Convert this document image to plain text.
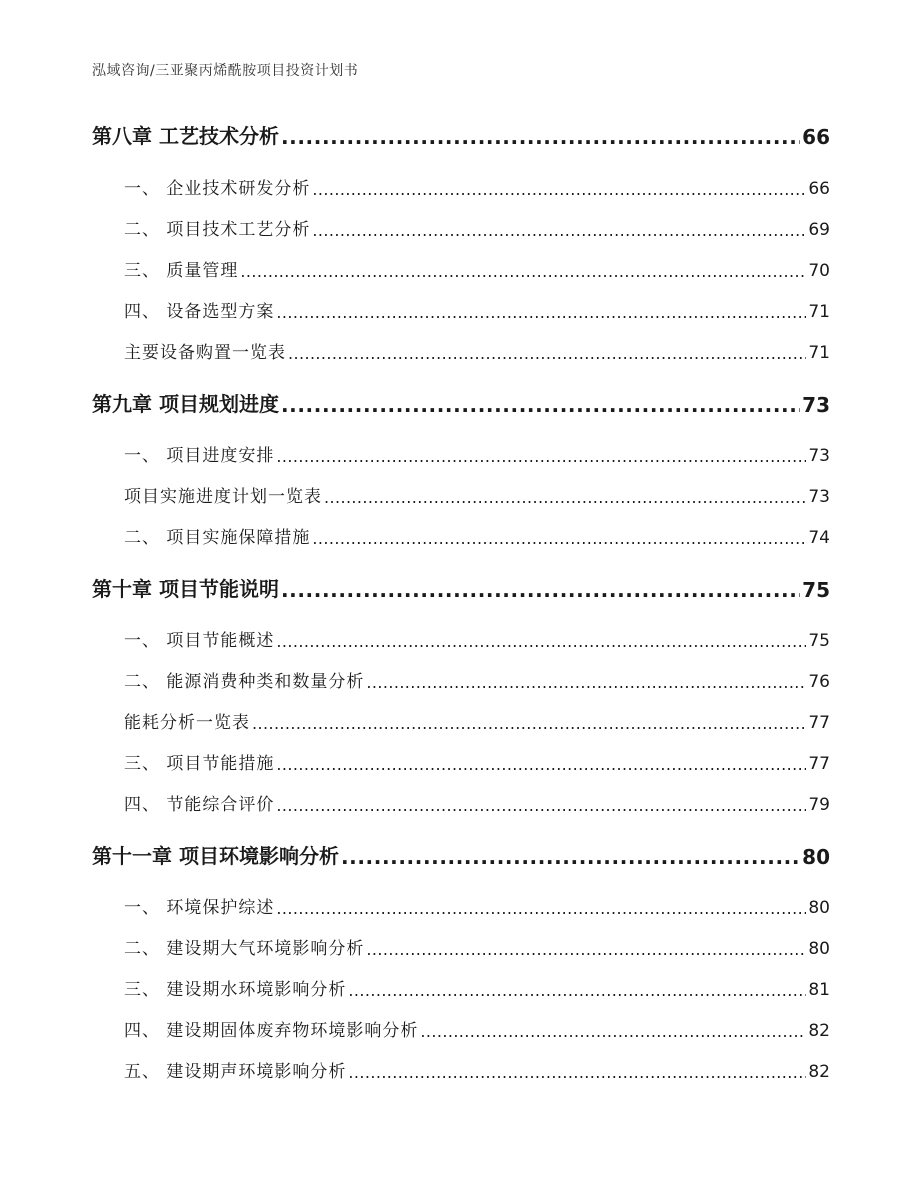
泓域咨询/三亚聚丙烯酰胺项目投资计划书
第八章 工艺技术分析 .....	66
一、 企业技术研发分析 .....	66
二、 项目技术工艺分析 .....	69
三、 质量管理 .....	70
四、 设备选型方案 .....	71
主要设备购置一览表 .....	71
第九章 项目规划进度 .....	73
一、 项目进度安排 .....	73
项目实施进度计划一览表 .....	73
二、 项目实施保障措施 .....	74
第十章 项目节能说明 .....	75
一、 项目节能概述 .....	75
二、 能源消费种类和数量分析 .....	76
能耗分析一览表 .....	77
三、 项目节能措施 .....	77
四、 节能综合评价 .....	79
第十一章 项目环境影响分析 .....	80
一、 环境保护综述 .....	80
二、 建设期大气环境影响分析 .....	80
三、 建设期水环境影响分析 .....	81
四、 建设期固体废弃物环境影响分析 .....	82
五、 建设期声环境影响分析 .....	82
